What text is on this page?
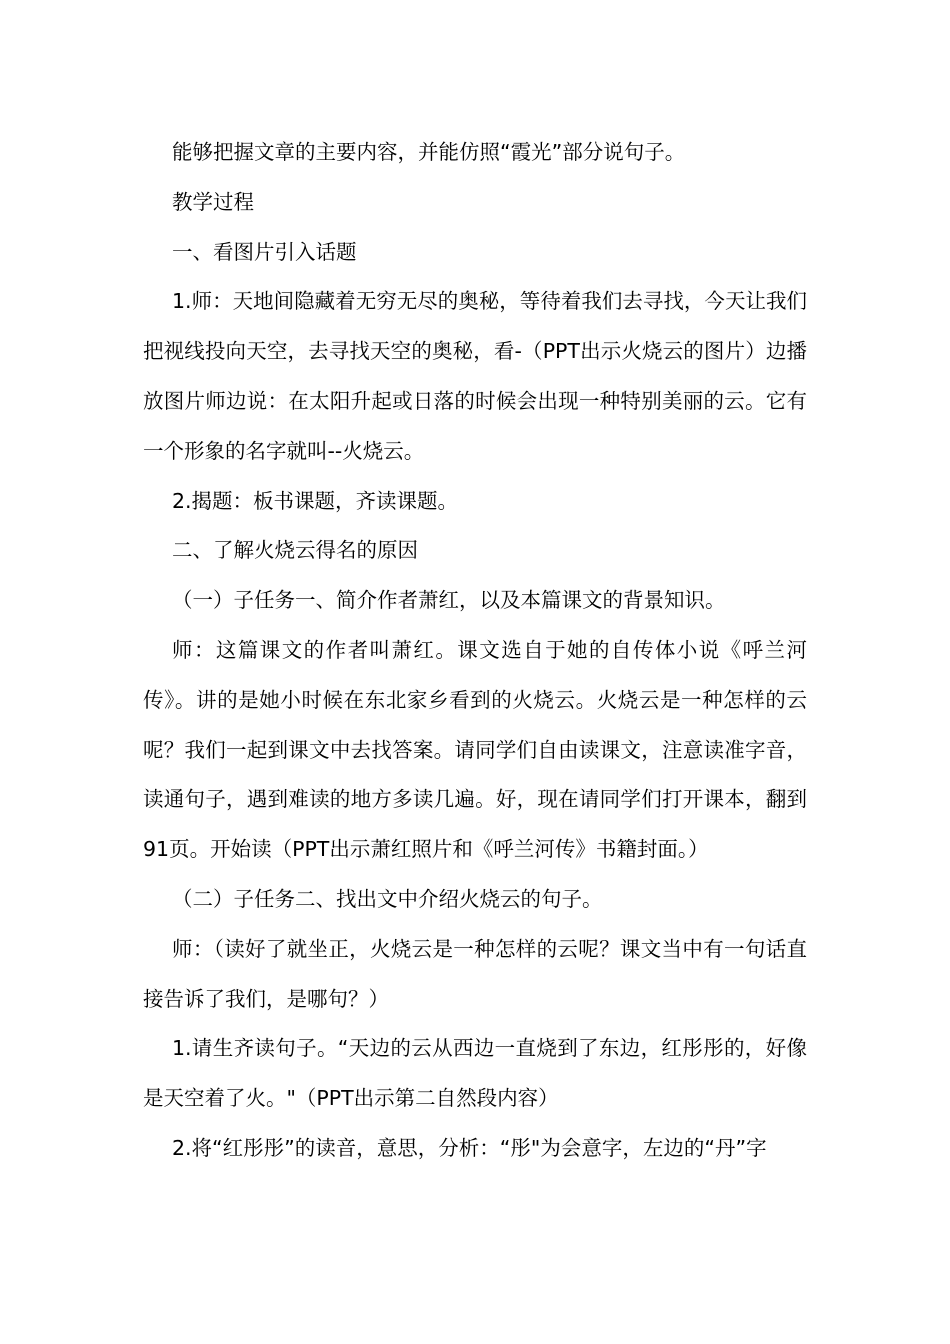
能够把握文章的主要内容，并能仿照“霞光”部分说句子。

教学过程

一、看图片引入话题

1.师：天地间隐藏着无穷无尽的奥秘，等待着我们去寻找，今天让我们把视线投向天空，去寻找天空的奥秘，看-（PPT出示火烧云的图片）边播放图片师边说：在太阳升起或日落的时候会出现一种特别美丽的云。它有一个形象的名字就叫--火烧云。

2.揭题：板书课题，齐读课题。

二、了解火烧云得名的原因

（一）子任务一、简介作者萧红，以及本篇课文的背景知识。

师：这篇课文的作者叫萧红。课文选自于她的自传体小说《呼兰河传》。讲的是她小时候在东北家乡看到的火烧云。火烧云是一种怎样的云呢？我们一起到课文中去找答案。请同学们自由读课文，注意读准字音，读通句子，遇到难读的地方多读几遍。好，现在请同学们打开课本，翻到91页。开始读（PPT出示萧红照片和《呼兰河传》书籍封面。）

（二）子任务二、找出文中介绍火烧云的句子。

师：（读好了就坐正，火烧云是一种怎样的云呢？课文当中有一句话直接告诉了我们，是哪句？）

1.请生齐读句子。“天边的云从西边一直烧到了东边，红彤彤的，好像是天空着了火。"（PPT出示第二自然段内容）

2.将“红彤彤”的读音，意思，分析：“彤"为会意字，左边的“丹”字
